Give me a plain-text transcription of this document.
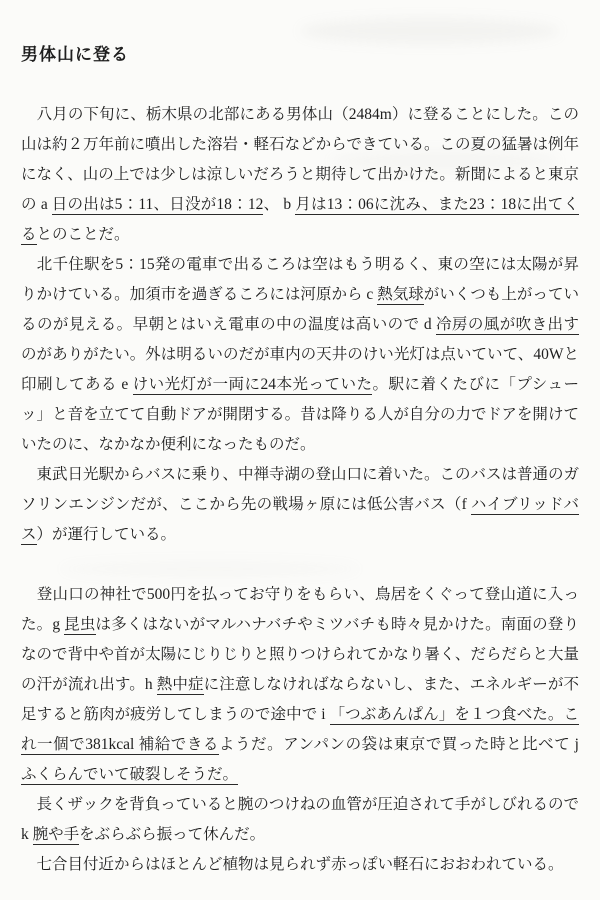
男体山に登る

　八月の下旬に、栃木県の北部にある男体山（2484m）に登ることにした。この山は約２万年前に噴出した溶岩・軽石などからできている。この夏の猛暑は例年になく、山の上では少しは涼しいだろうと期待して出かけた。新聞によると東京の a 日の出は5：11、日没が18：12、 b 月は13：06に沈み、また23：18に出てくるとのことだ。

　北千住駅を5：15発の電車で出るころは空はもう明るく、東の空には太陽が昇りかけている。加須市を過ぎるころには河原から c 熱気球がいくつも上がっているのが見える。早朝とはいえ電車の中の温度は高いので d 冷房の風が吹き出すのがありがたい。外は明るいのだが車内の天井のけい光灯は点いていて、40Wと印刷してある e けい光灯が一両に24本光っていた。駅に着くたびに「プシューッ」と音を立てて自動ドアが開閉する。昔は降りる人が自分の力でドアを開けていたのに、なかなか便利になったものだ。

　東武日光駅からバスに乗り、中禅寺湖の登山口に着いた。このバスは普通のガソリンエンジンだが、ここから先の戦場ヶ原には低公害バス（f ハイブリッドバス）が運行している。

　登山口の神社で500円を払ってお守りをもらい、鳥居をくぐって登山道に入った。g 昆虫は多くはないがマルハナバチやミツバチも時々見かけた。南面の登りなので背中や首が太陽にじりじりと照りつけられてかなり暑く、だらだらと大量の汗が流れ出す。h 熱中症に注意しなければならないし、また、エネルギーが不足すると筋肉が疲労してしまうので途中で i 「つぶあんぱん」を１つ食べた。これ一個で381kcal 補給できるようだ。アンパンの袋は東京で買った時と比べて j ふくらんでいて破裂しそうだ。

　長くザックを背負っていると腕のつけねの血管が圧迫されて手がしびれるので k 腕や手をぶらぶら振って休んだ。

　七合目付近からはほとんど植物は見られず赤っぽい軽石におおわれている。
